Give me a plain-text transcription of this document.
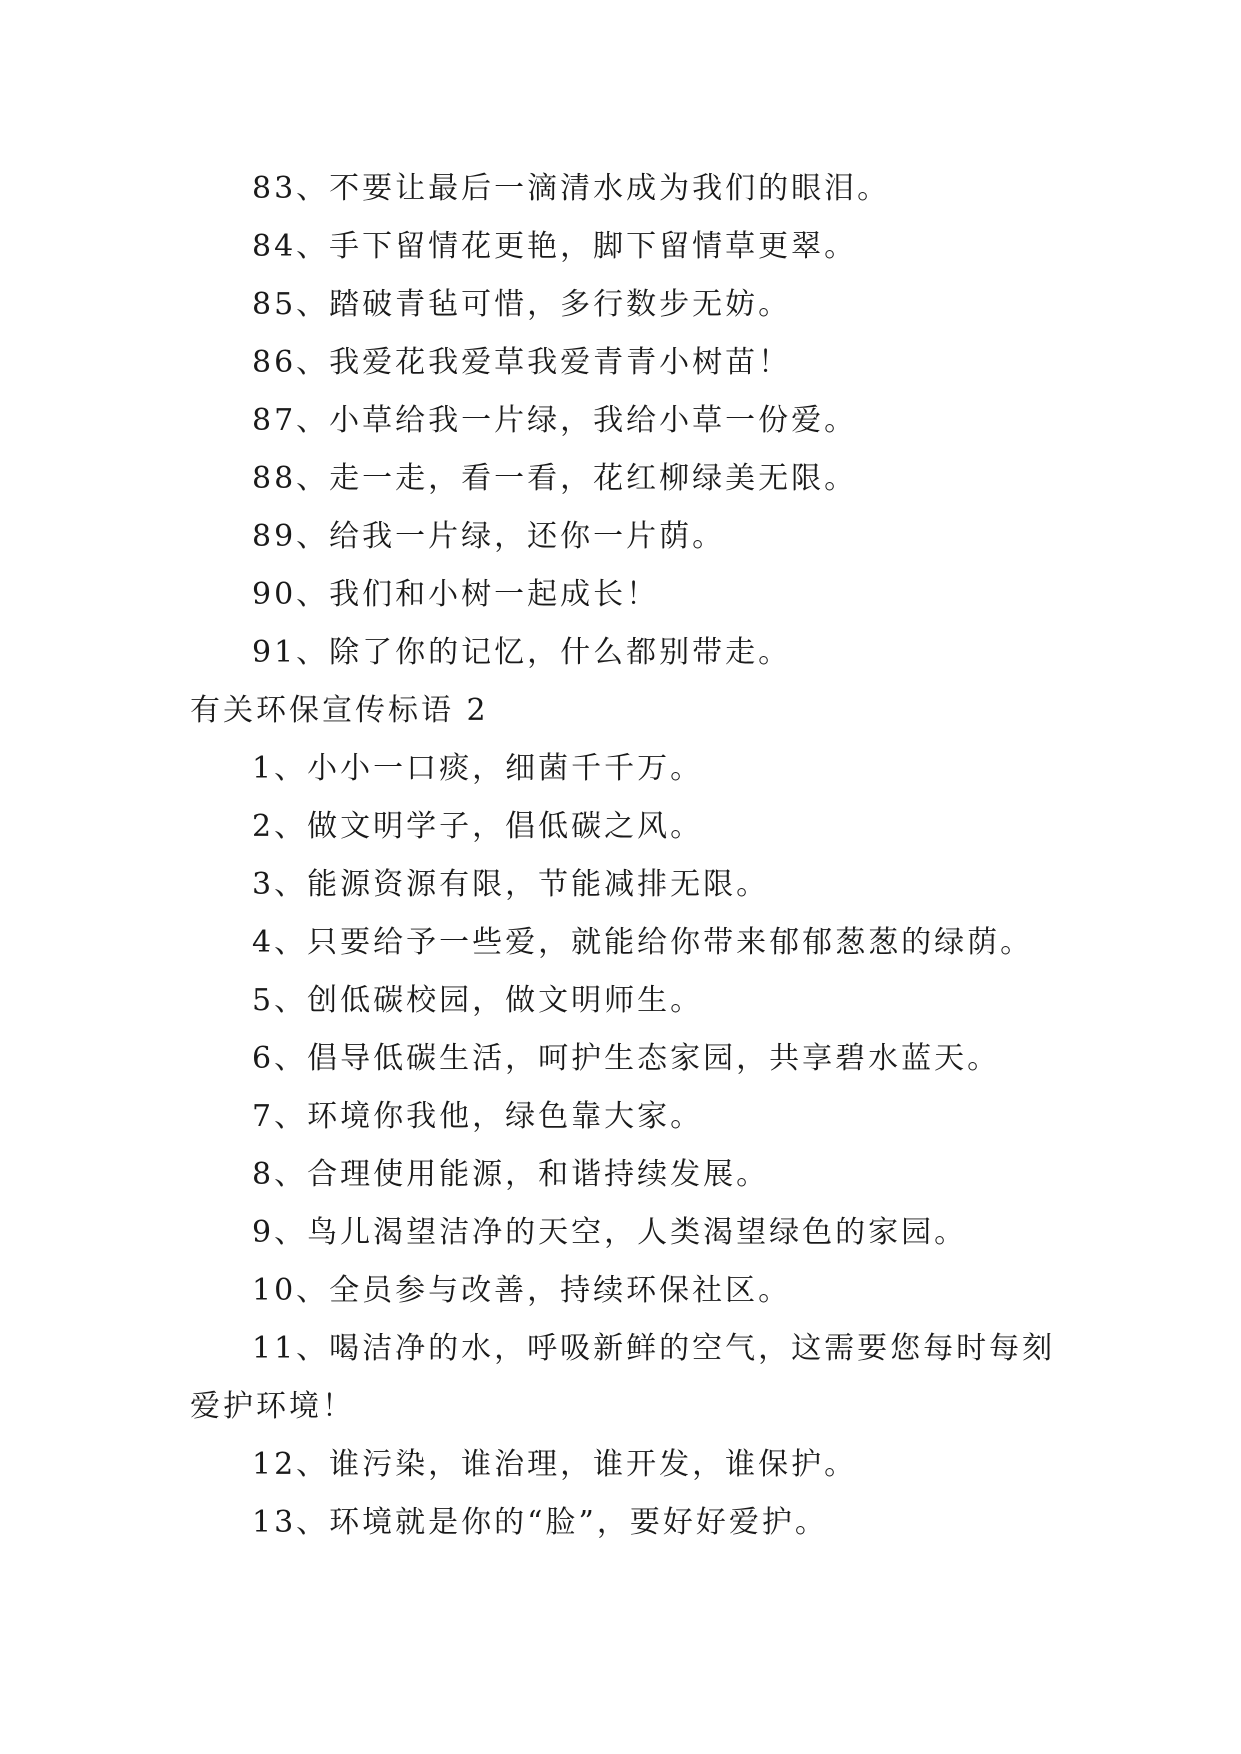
83、不要让最后一滴清水成为我们的眼泪。
84、手下留情花更艳，脚下留情草更翠。
85、踏破青毡可惜，多行数步无妨。
86、我爱花我爱草我爱青青小树苗！
87、小草给我一片绿，我给小草一份爱。
88、走一走，看一看，花红柳绿美无限。
89、给我一片绿，还你一片荫。
90、我们和小树一起成长！
91、除了你的记忆，什么都别带走。
有关环保宣传标语 2
1、小小一口痰，细菌千千万。
2、做文明学子，倡低碳之风。
3、能源资源有限，节能减排无限。
4、只要给予一些爱，就能给你带来郁郁葱葱的绿荫。
5、创低碳校园，做文明师生。
6、倡导低碳生活，呵护生态家园，共享碧水蓝天。
7、环境你我他，绿色靠大家。
8、合理使用能源，和谐持续发展。
9、鸟儿渴望洁净的天空，人类渴望绿色的家园。
10、全员参与改善，持续环保社区。
11、喝洁净的水，呼吸新鲜的空气，这需要您每时每刻
爱护环境！
12、谁污染，谁治理，谁开发，谁保护。
13、环境就是你的“脸”，要好好爱护。
